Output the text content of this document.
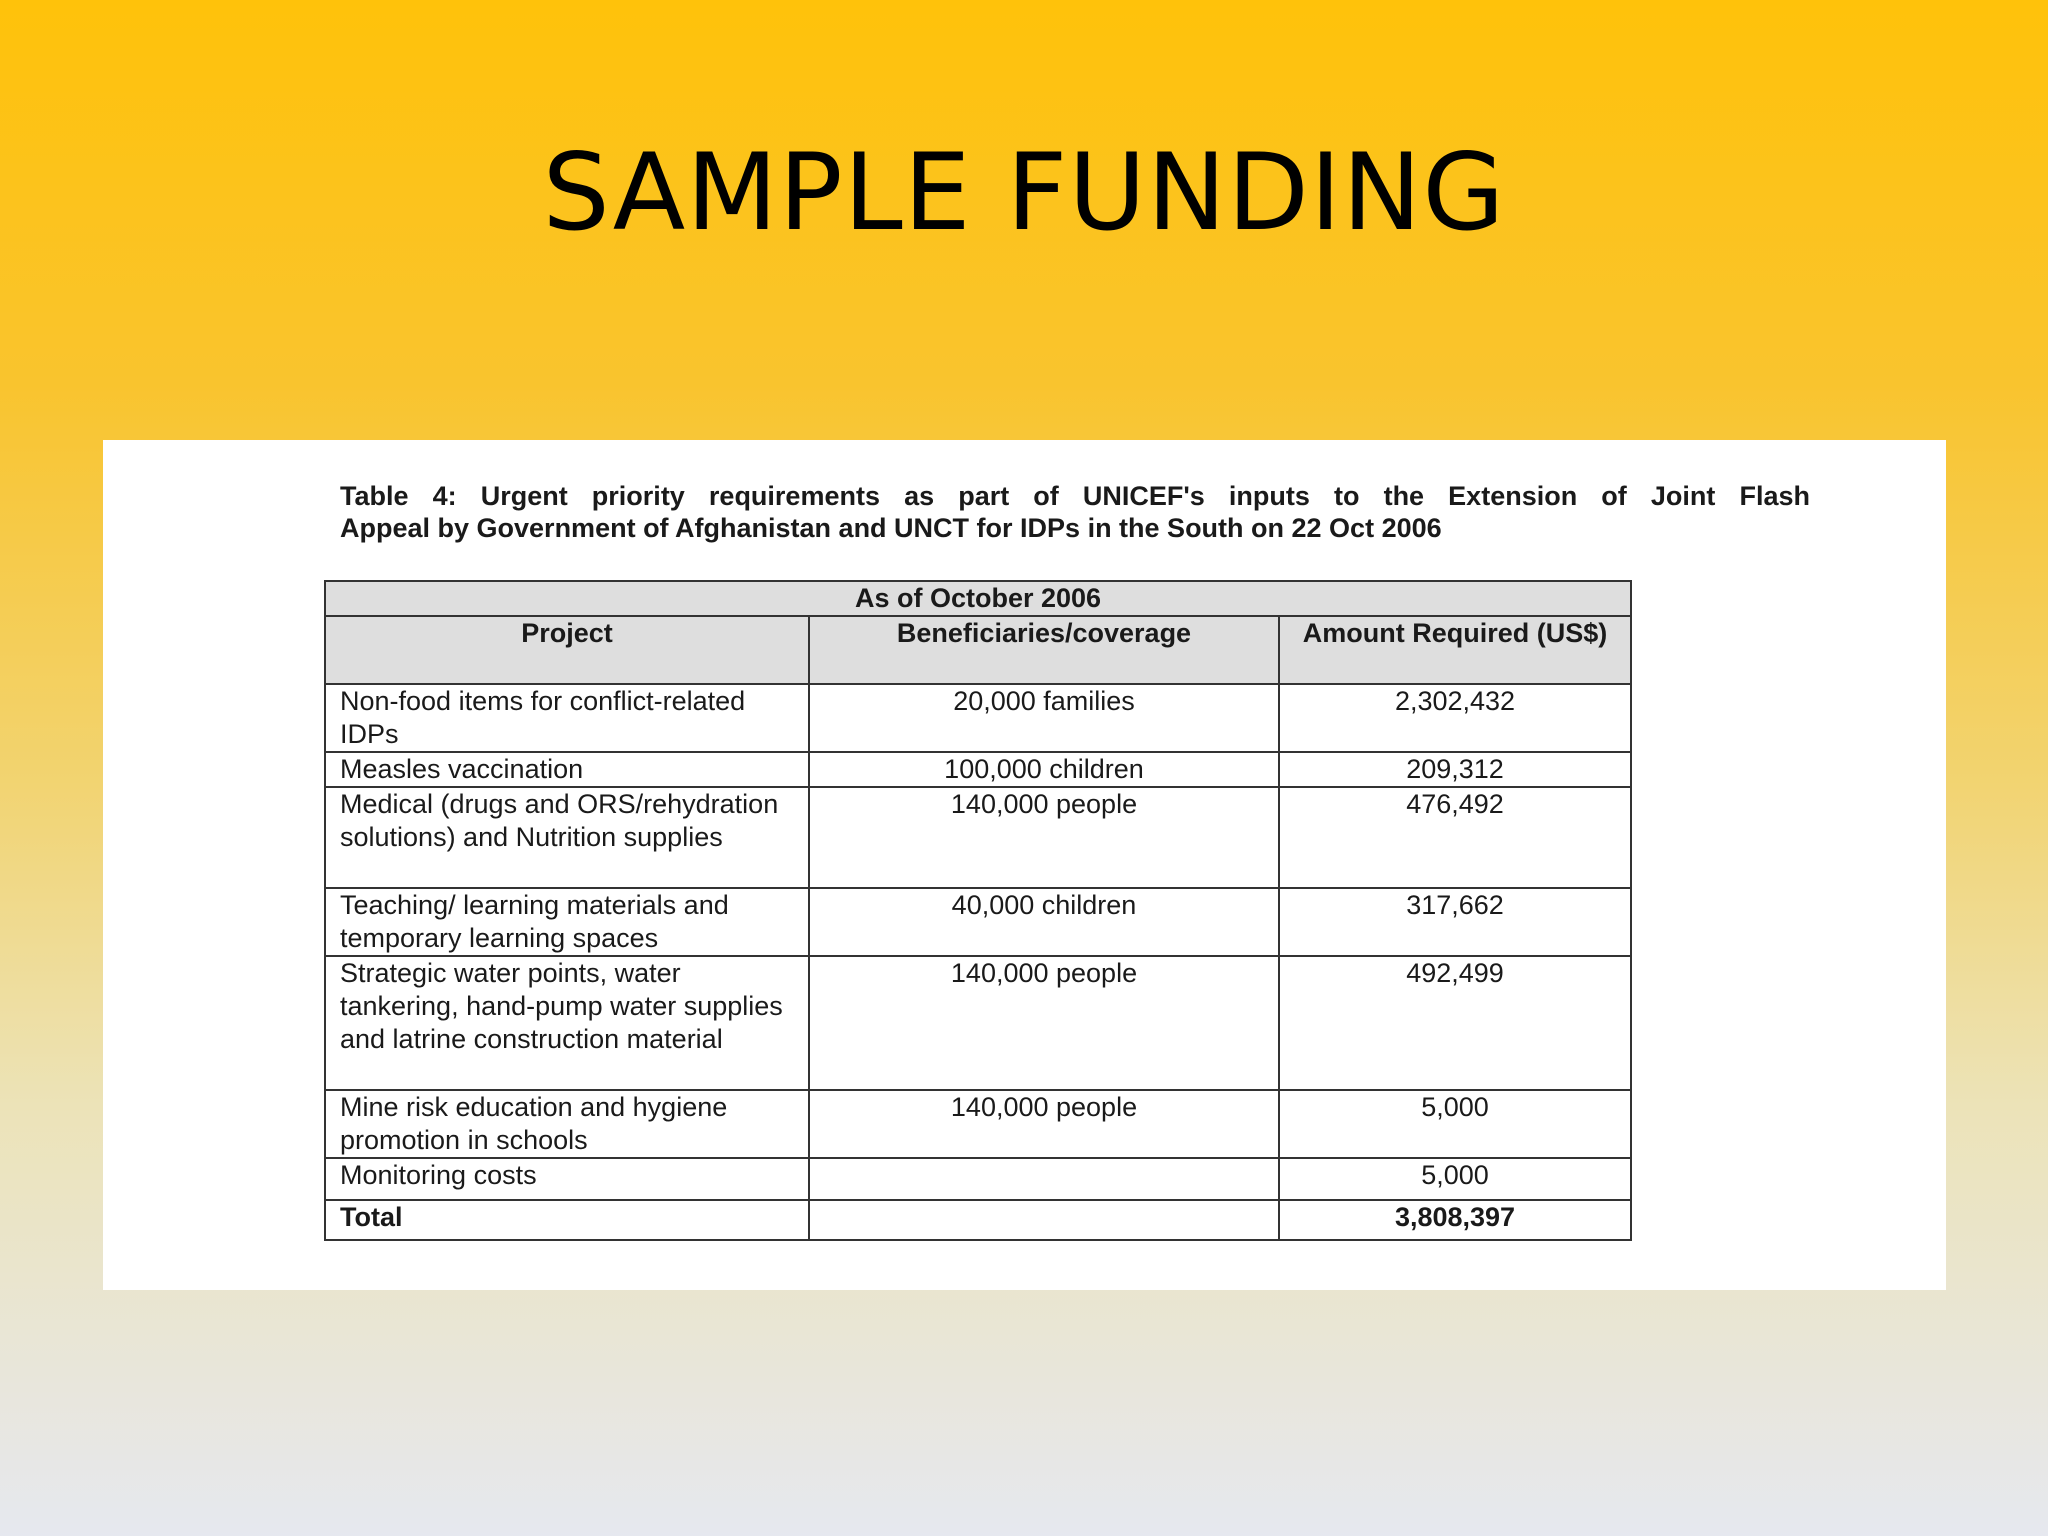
SAMPLE FUNDING
Table 4: Urgent priority requirements as part of UNICEF's inputs to the Extension of Joint Flash
Appeal by Government of Afghanistan and UNCT for IDPs in the South on 22 Oct 2006
As of October 2006		
Project	Beneficiaries/coverage	Amount Required (US$)
Non-food items for conflict-related IDPs	20,000 families	2,302,432
Measles vaccination	100,000 children	209,312
Medical (drugs and ORS/rehydration solutions) and Nutrition supplies	140,000 people	476,492
Teaching/ learning materials and temporary learning spaces	40,000 children	317,662
Strategic water points, water tankering, hand-pump water supplies and latrine construction material	140,000 people	492,499
Mine risk education and hygiene promotion in schools	140,000 people	5,000
Monitoring costs		5,000
Total		3,808,397
